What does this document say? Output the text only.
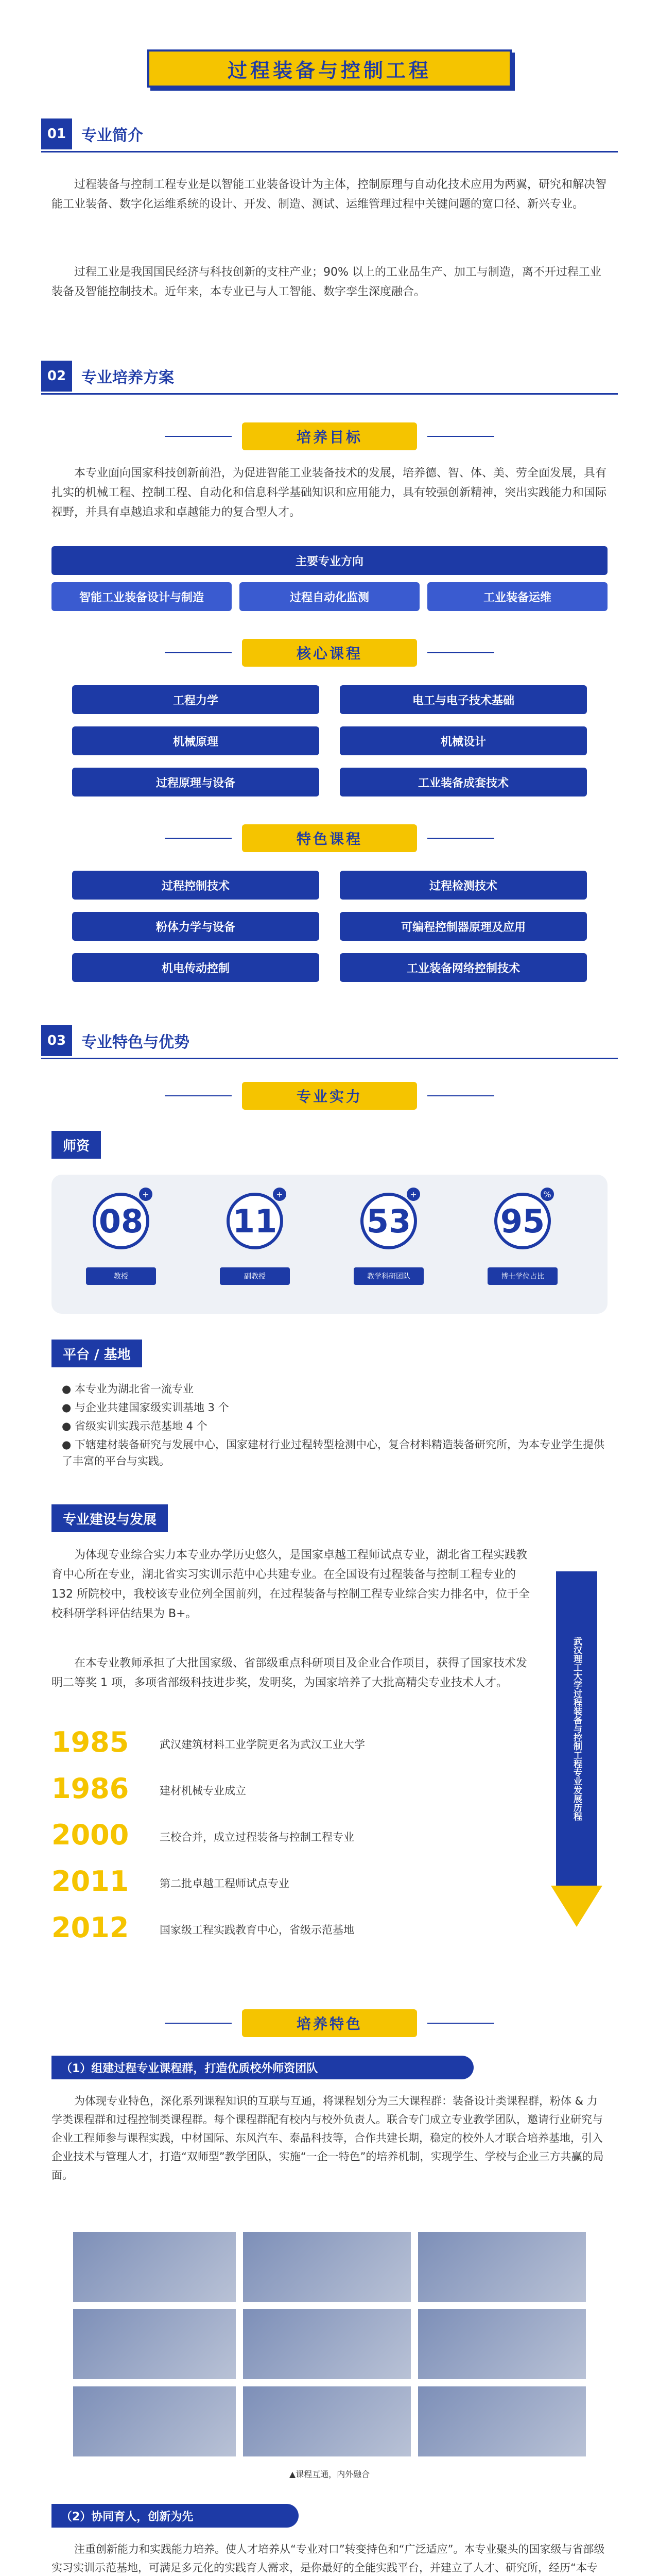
过程装备与控制工程
01 专业简介

过程装备与控制工程专业是以智能工业装备设计为主体，控制原理与自动化技术应用为两翼，研究和解决智能工业装备、数字化运维系统的设计、开发、制造、测试、运维管理过程中关键问题的宽口径、新兴专业。

过程工业是我国国民经济与科技创新的支柱产业；90% 以上的工业品生产、加工与制造，离不开过程工业装备及智能控制技术。近年来，本专业已与人工智能、数字孪生深度融合。

02 专业培养方案
培养目标

本专业面向国家科技创新前沿，为促进智能工业装备技术的发展，培养德、智、体、美、劳全面发展，具有扎实的机械工程、控制工程、自动化和信息科学基础知识和应用能力，具有较强创新精神，突出实践能力和国际视野，并具有卓越追求和卓越能力的复合型人才。

主要专业方向
智能工业装备设计与制造	过程自动化监测	工业装备运维
核心课程
工程力学	电工与电子技术基础
机械原理	机械设计
过程原理与设备	工业装备成套技术
特色课程
过程控制技术	过程检测技术
粉体力学与设备	可编程控制器原理及应用
机电传动控制	工业装备网络控制技术
03 专业特色与优势
专业实力
师资
08
+
教授
11
+
副教授
53
+
教学科研团队
95
%
博士学位占比
平台 / 基地
● 本专业为湖北省一流专业
● 与企业共建国家级实训基地 3 个
● 省级实训实践示范基地 4 个
● 下辖建材装备研究与发展中心，国家建材行业过程转型检测中心，复合材料精造装备研究所，为本专业学生提供了丰富的平台与实践。
专业建设与发展

为体现专业综合实力本专业办学历史悠久，是国家卓越工程师试点专业，湖北省工程实践教育中心所在专业，湖北省实习实训示范中心共建专业。在全国设有过程装备与控制工程专业的 132 所院校中，我校该专业位列全国前列，在过程装备与控制工程专业综合实力排名中，位于全校科研学科评估结果为 B+。

在本专业教师承担了大批国家级、省部级重点科研项目及企业合作项目，获得了国家技术发明二等奖 1 项，多项省部级科技进步奖，发明奖，为国家培养了大批高精尖专业技术人才。

1985	武汉建筑材料工业学院更名为武汉工业大学
1986	建材机械专业成立
2000	三校合并，成立过程装备与控制工程专业
2011	第二批卓越工程师试点专业
2012	国家级工程实践教育中心，省级示范基地
武汉理工大学过程装备与控制工程专业发展历程
培养特色
（1）组建过程专业课程群，打造优质校外师资团队

为体现专业特色，深化系列课程知识的互联与互通，将课程划分为三大课程群：装备设计类课程群，粉体 & 力学类课程群和过程控制类课程群。每个课程群配有校内与校外负责人。联合专门成立专业教学团队，邀请行业研究与企业工程师参与课程实践，中材国际、东风汽车、泰晶科技等，合作共建长期，稳定的校外人才联合培养基地，引入企业技术与管理人才，打造“双师型”教学团队，实施“一企一特色”的培养机制，实现学生、学校与企业三方共赢的局面。

▲课程互通，内外融合
（2）协同育人，创新为先

注重创新能力和实践能力培养。使人才培养从“专业对口”转变持色和“广泛适应”。本专业聚头的国家级与省部级实习实训示范基地，可满足多元化的实践育人需求，是你最好的全能实践平台，并建立了人才、研究所，经历“本专
